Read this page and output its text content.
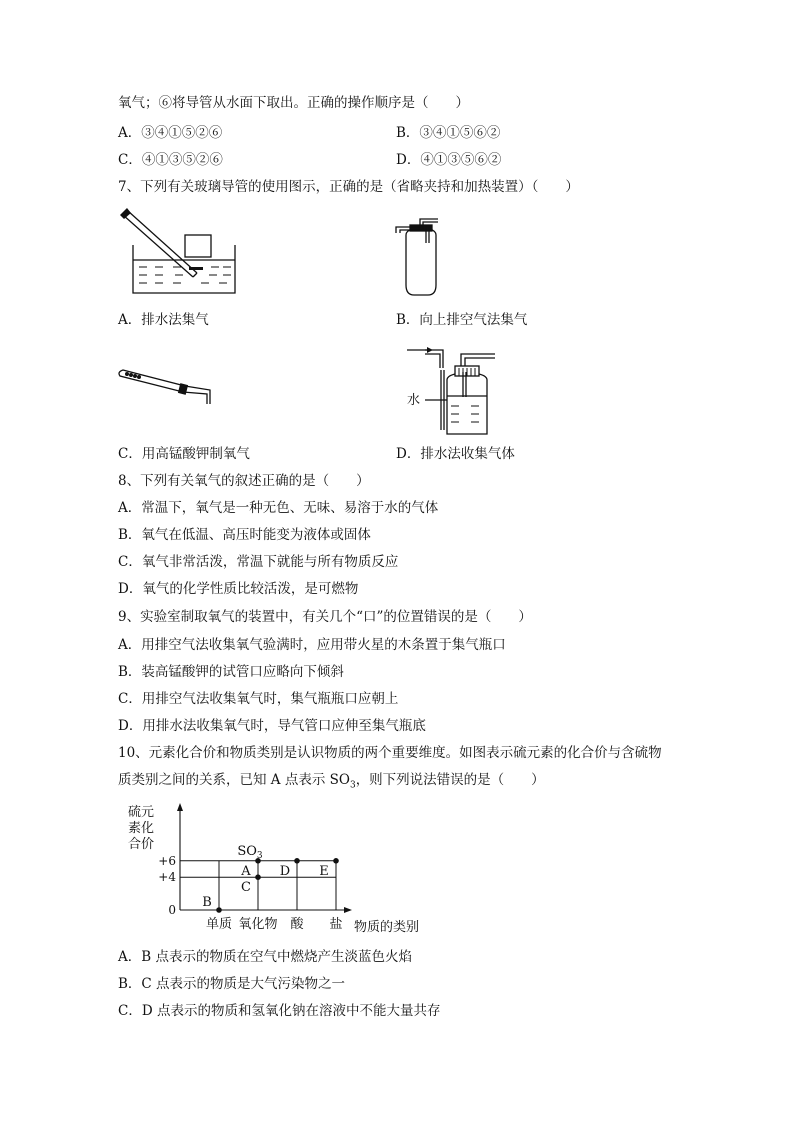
氧气；⑥将导管从水面下取出。正确的操作顺序是（　　）
A．③④①⑤②⑥	B．③④①⑤⑥②
C．④①③⑤②⑥	D．④①③⑤⑥②
7、下列有关玻璃导管的使用图示，正确的是（省略夹持和加热装置）（　　）
A．排水法集气	B．向上排空气法集气
C．用高锰酸钾制氧气
水
D．排水法收集气体
8、下列有关氧气的叙述正确的是（　　）
A．常温下，氧气是一种无色、无味、易溶于水的气体
B．氧气在低温、高压时能变为液体或固体
C．氧气非常活泼，常温下就能与所有物质反应
D．氧气的化学性质比较活泼，是可燃物
9、实验室制取氧气的装置中，有关几个“口”的位置错误的是（　　）
A．用排空气法收集氧气验满时，应用带火星的木条置于集气瓶口
B．装高锰酸钾的试管口应略向下倾斜
C．用排空气法收集氧气时，集气瓶瓶口应朝上
D．用排水法收集氧气时，导气管口应伸至集气瓶底
10、元素化合价和物质类别是认识物质的两个重要维度。如图表示硫元素的化合价与含硫物
质类别之间的关系，已知 A 点表示 $SO_3$，则下列说法错误的是（　　）
硫元
素化
合价
0
+4
+6
单质 氧化物 酸 盐
B
C
A
$SO_3$
D E
物质的类别
A．B 点表示的物质在空气中燃烧产生淡蓝色火焰
B．C 点表示的物质是大气污染物之一
C．D 点表示的物质和氢氧化钠在溶液中不能大量共存
